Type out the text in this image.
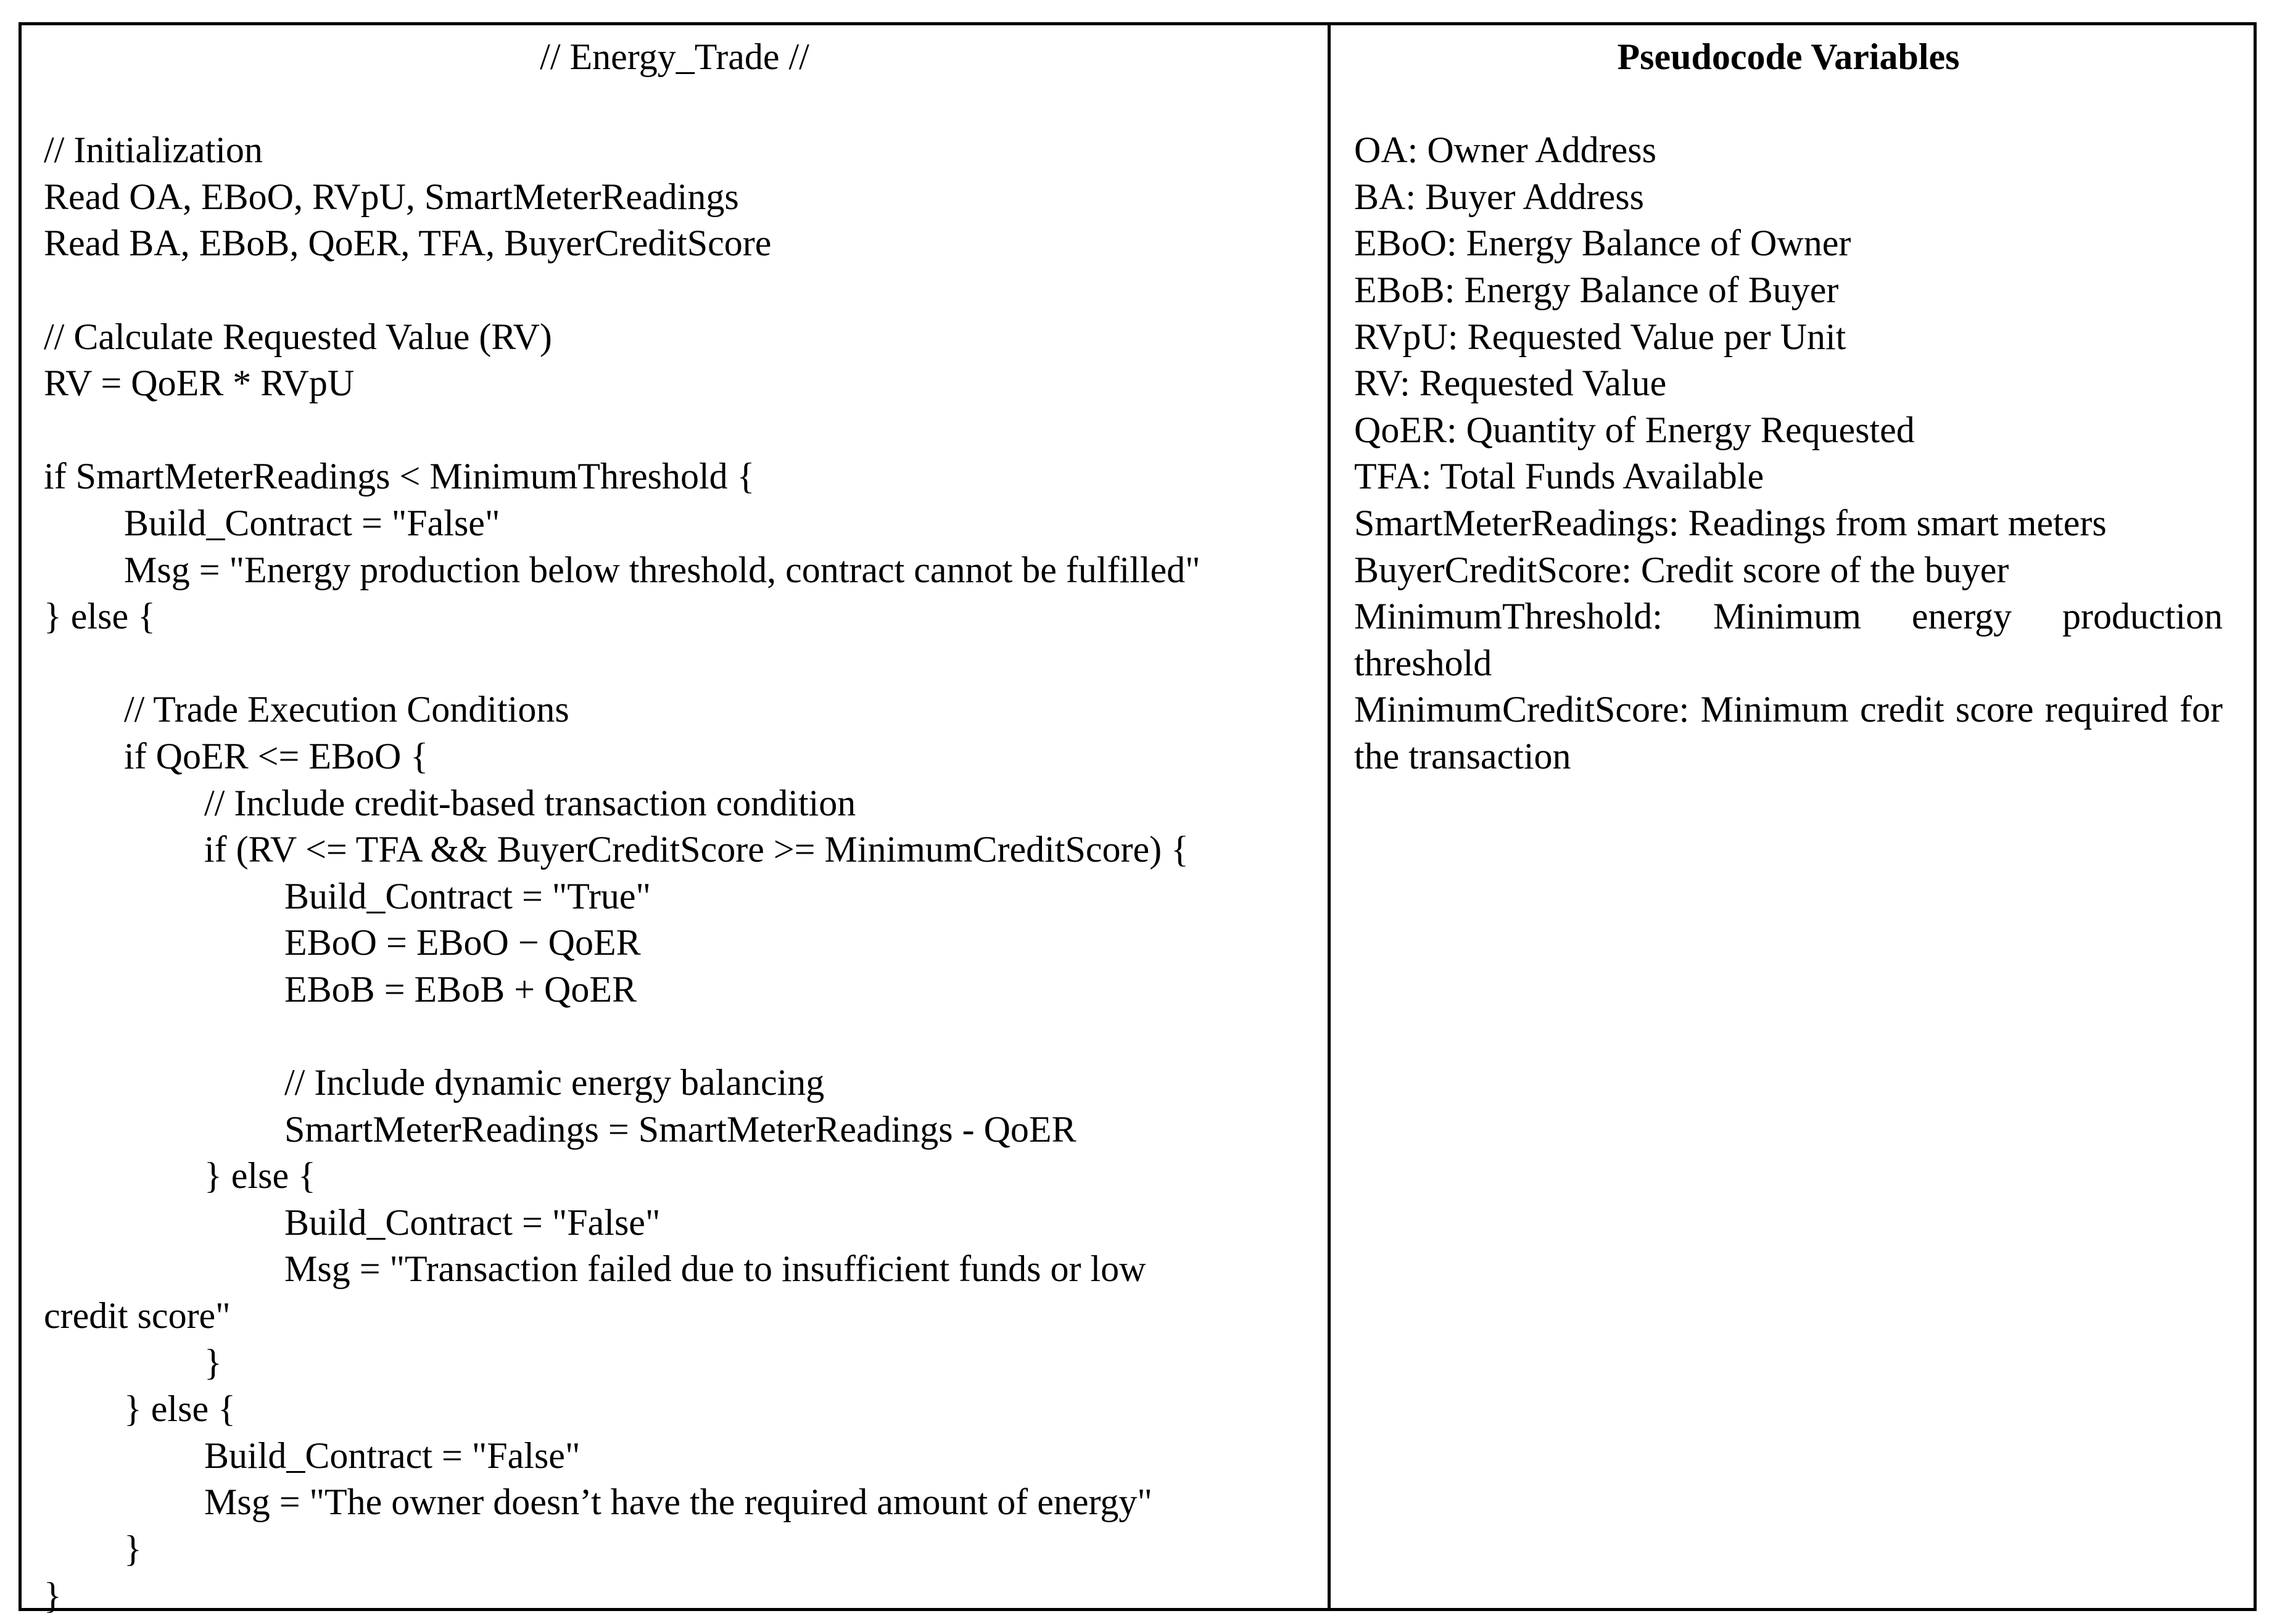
// Energy_Trade //
// Initialization
Read OA, EBoO, RVpU, SmartMeterReadings
Read BA, EBoB, QoER, TFA, BuyerCreditScore
// Calculate Requested Value (RV)
RV = QoER * RVpU
if SmartMeterReadings < MinimumThreshold {
Build_Contract = "False"
Msg = "Energy production below threshold, contract cannot be fulfilled"
} else {
// Trade Execution Conditions
if QoER <= EBoO {
// Include credit-based transaction condition
if (RV <= TFA && BuyerCreditScore >= MinimumCreditScore) {
Build_Contract = "True"
EBoO = EBoO − QoER
EBoB = EBoB + QoER
// Include dynamic energy balancing
SmartMeterReadings = SmartMeterReadings - QoER
} else {
Build_Contract = "False"
Msg = "Transaction failed due to insufficient funds or low
credit score"
}
} else {
Build_Contract = "False"
Msg = "The owner doesn’t have the required amount of energy"
}
}
Pseudocode Variables
OA: Owner Address
BA: Buyer Address
EBoO: Energy Balance of Owner
EBoB: Energy Balance of Buyer
RVpU: Requested Value per Unit
RV: Requested Value
QoER: Quantity of Energy Requested
TFA: Total Funds Available
SmartMeterReadings: Readings from smart meters
BuyerCreditScore: Credit score of the buyer
MinimumThreshold: Minimum energy production threshold
MinimumCreditScore: Minimum credit score required for the transaction
